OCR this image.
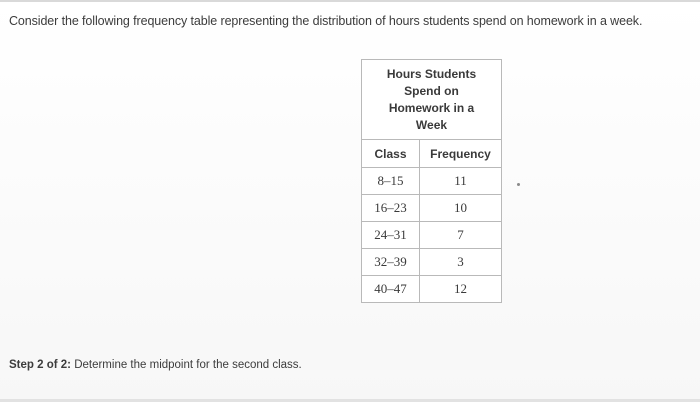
Consider the following frequency table representing the distribution of hours students spend on homework in a week.
Hours Students Spend on Homework in a Week
Class	Frequency
8–15	11
16–23	10
24–31	7
32–39	3
40–47	12
Step 2 of 2: Determine the midpoint for the second class.
